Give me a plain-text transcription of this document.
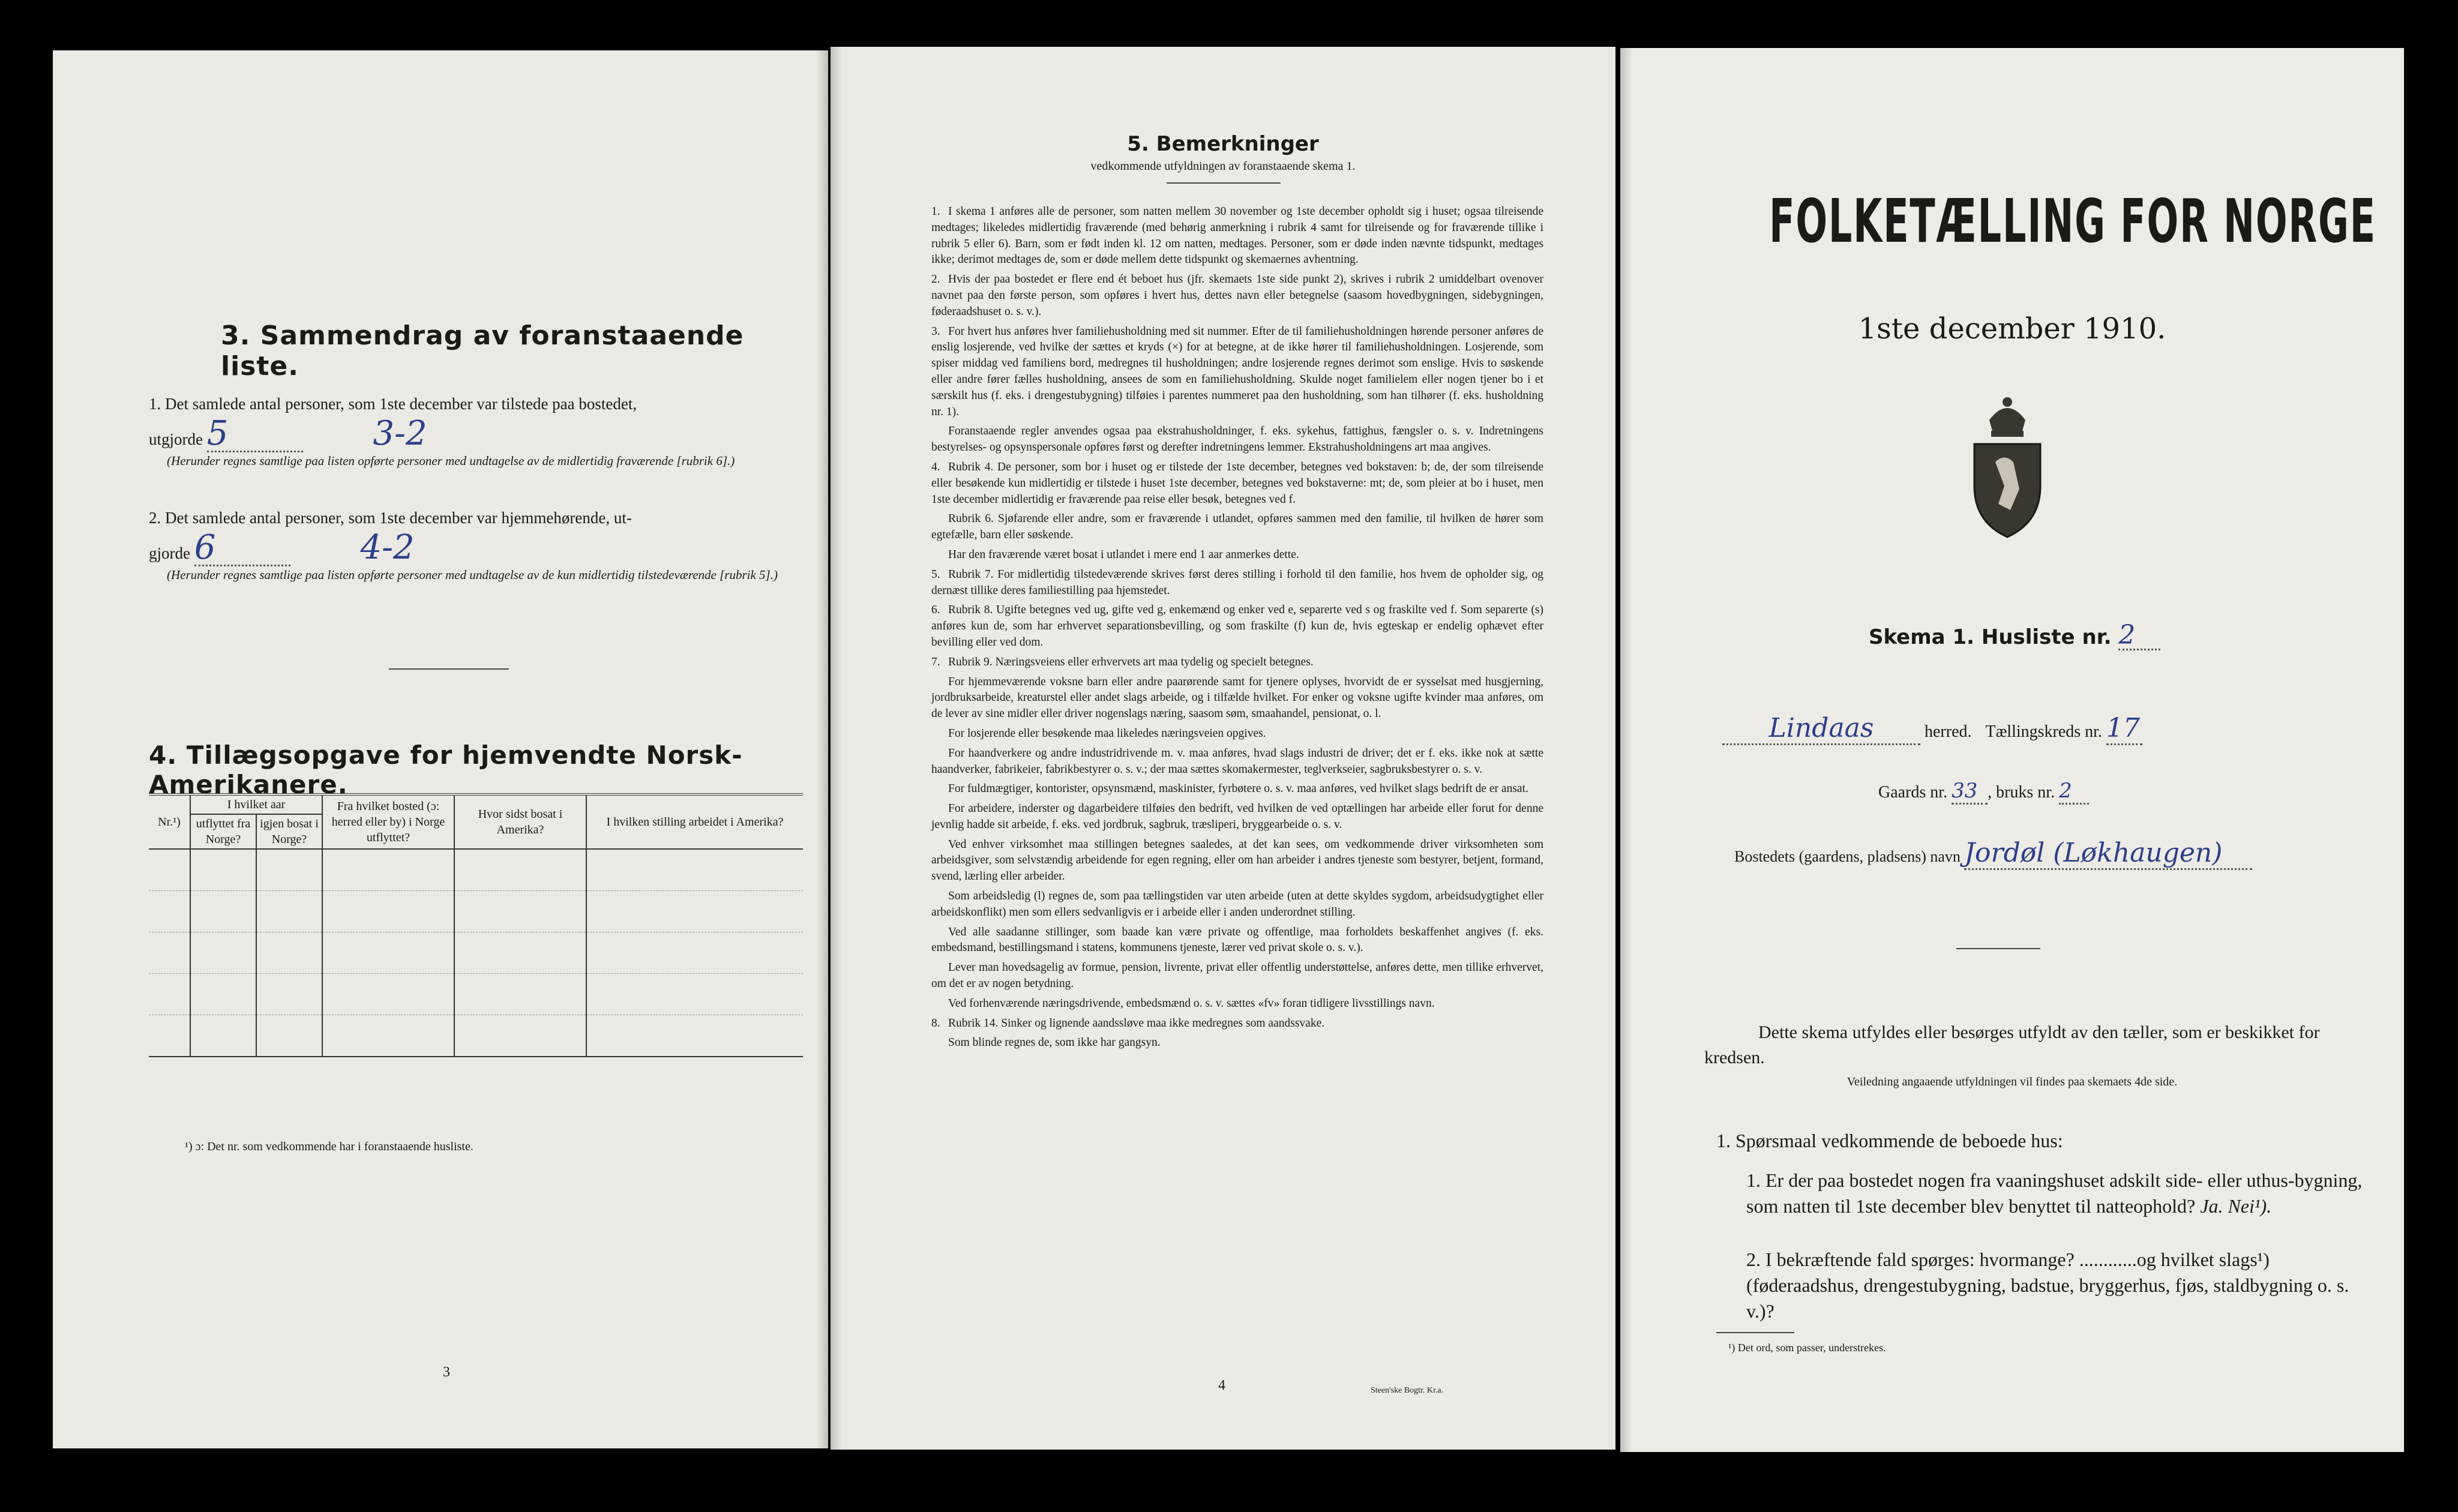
3. Sammendrag av foranstaaende liste.
1. Det samlede antal personer, som 1ste december var tilstede paa bostedet,
utgjorde 5	3-2
(Herunder regnes samtlige paa listen opførte personer med undtagelse av de midlertidig fraværende [rubrik 6].)
2. Det samlede antal personer, som 1ste december var hjemmehørende, ut-
gjorde 6	4-2
(Herunder regnes samtlige paa listen opførte personer med undtagelse av de kun midlertidig tilstedeværende [rubrik 5].)
4. Tillægsopgave for hjemvendte Norsk-Amerikanere.
Nr.¹)	I hvilket aar		Fra hvilket bosted (ɔ: herred eller by) i Norge utflyttet?	Hvor sidst bosat i Amerika?	I hvilken stilling arbeidet i Amerika?
	utflyttet fra Norge?	igjen bosat i Norge?			

¹) ɔ: Det nr. som vedkommende har i foranstaaende husliste.
3
5. Bemerkninger
vedkommende utfyldningen av foranstaaende skema 1.

1. I skema 1 anføres alle de personer, som natten mellem 30 november og 1ste december opholdt sig i huset; ogsaa tilreisende medtages; likeledes midlertidig fraværende (med behørig anmerkning i rubrik 4 samt for tilreisende og for fraværende tillike i rubrik 5 eller 6). Barn, som er født inden kl. 12 om natten, medtages. Personer, som er døde inden nævnte tidspunkt, medtages ikke; derimot medtages de, som er døde mellem dette tidspunkt og skemaernes avhentning.

2. Hvis der paa bostedet er flere end ét beboet hus (jfr. skemaets 1ste side punkt 2), skrives i rubrik 2 umiddelbart ovenover navnet paa den første person, som opføres i hvert hus, dettes navn eller betegnelse (saasom hovedbygningen, sidebygningen, føderaadshuset o. s. v.).

3. For hvert hus anføres hver familiehusholdning med sit nummer. Efter de til familiehusholdningen hørende personer anføres de enslig losjerende, ved hvilke der sættes et kryds (×) for at betegne, at de ikke hører til familiehusholdningen. Losjerende, som spiser middag ved familiens bord, medregnes til husholdningen; andre losjerende regnes derimot som enslige. Hvis to søskende eller andre fører fælles husholdning, ansees de som en familiehusholdning. Skulde noget familielem eller nogen tjener bo i et særskilt hus (f. eks. i drengestubygning) tilføies i parentes nummeret paa den husholdning, som han tilhører (f. eks. husholdning nr. 1).

Foranstaaende regler anvendes ogsaa paa ekstrahusholdninger, f. eks. sykehus, fattighus, fængsler o. s. v. Indretningens bestyrelses- og opsynspersonale opføres først og derefter indretningens lemmer. Ekstrahusholdningens art maa angives.

4. Rubrik 4. De personer, som bor i huset og er tilstede der 1ste december, betegnes ved bokstaven: b; de, der som tilreisende eller besøkende kun midlertidig er tilstede i huset 1ste december, betegnes ved bokstaverne: mt; de, som pleier at bo i huset, men 1ste december midlertidig er fraværende paa reise eller besøk, betegnes ved f.

Rubrik 6. Sjøfarende eller andre, som er fraværende i utlandet, opføres sammen med den familie, til hvilken de hører som egtefælle, barn eller søskende.

Har den fraværende været bosat i utlandet i mere end 1 aar anmerkes dette.

5. Rubrik 7. For midlertidig tilstedeværende skrives først deres stilling i forhold til den familie, hos hvem de opholder sig, og dernæst tillike deres familiestilling paa hjemstedet.

6. Rubrik 8. Ugifte betegnes ved ug, gifte ved g, enkemænd og enker ved e, separerte ved s og fraskilte ved f. Som separerte (s) anføres kun de, som har erhvervet separationsbevilling, og som fraskilte (f) kun de, hvis egteskap er endelig ophævet efter bevilling eller ved dom.

7. Rubrik 9. Næringsveiens eller erhvervets art maa tydelig og specielt betegnes.

For hjemmeværende voksne barn eller andre paarørende samt for tjenere oplyses, hvorvidt de er sysselsat med husgjerning, jordbruksarbeide, kreaturstel eller andet slags arbeide, og i tilfælde hvilket. For enker og voksne ugifte kvinder maa anføres, om de lever av sine midler eller driver nogenslags næring, saasom søm, smaahandel, pensionat, o. l.

For losjerende eller besøkende maa likeledes næringsveien opgives.

For haandverkere og andre industridrivende m. v. maa anføres, hvad slags industri de driver; det er f. eks. ikke nok at sætte haandverker, fabrikeier, fabrikbestyrer o. s. v.; der maa sættes skomakermester, teglverkseier, sagbruksbestyrer o. s. v.

For fuldmægtiger, kontorister, opsynsmænd, maskinister, fyrbøtere o. s. v. maa anføres, ved hvilket slags bedrift de er ansat.

For arbeidere, inderster og dagarbeidere tilføies den bedrift, ved hvilken de ved optællingen har arbeide eller forut for denne jevnlig hadde sit arbeide, f. eks. ved jordbruk, sagbruk, træsliperi, bryggearbeide o. s. v.

Ved enhver virksomhet maa stillingen betegnes saaledes, at det kan sees, om vedkommende driver virksomheten som arbeidsgiver, som selvstændig arbeidende for egen regning, eller om han arbeider i andres tjeneste som bestyrer, betjent, formand, svend, lærling eller arbeider.

Som arbeidsledig (l) regnes de, som paa tællingstiden var uten arbeide (uten at dette skyldes sygdom, arbeidsudygtighet eller arbeidskonflikt) men som ellers sedvanligvis er i arbeide eller i anden underordnet stilling.

Ved alle saadanne stillinger, som baade kan være private og offentlige, maa forholdets beskaffenhet angives (f. eks. embedsmand, bestillingsmand i statens, kommunens tjeneste, lærer ved privat skole o. s. v.).

Lever man hovedsagelig av formue, pension, livrente, privat eller offentlig understøttelse, anføres dette, men tillike erhvervet, om det er av nogen betydning.

Ved forhenværende næringsdrivende, embedsmænd o. s. v. sættes «fv» foran tidligere livsstillings navn.

8. Rubrik 14. Sinker og lignende aandssløve maa ikke medregnes som aandssvake.

Som blinde regnes de, som ikke har gangsyn.

4	Steen'ske Bogtr. Kr.a.
FOLKETÆLLING FOR NORGE
1ste december 1910.
Skema 1. Husliste nr. 2
Lindaas	herred. Tællingskreds nr. 17
Gaards nr. 33 , bruks nr. 2
Bostedets (gaardens, pladsens) navn Jordøl (Løkhaugen)
Dette skema utfyldes eller besørges utfyldt av den tæller, som er beskikket for kredsen.
Veiledning angaaende utfyldningen vil findes paa skemaets 4de side.
1. Spørsmaal vedkommende de beboede hus:
1. Er der paa bostedet nogen fra vaaningshuset adskilt side- eller uthus-bygning, som natten til 1ste december blev benyttet til natteophold? Ja. Nei¹).
2. I bekræftende fald spørges: hvormange? ............og hvilket slags¹) (føderaadshus, drengestubygning, badstue, bryggerhus, fjøs, staldbygning o. s. v.)?
¹) Det ord, som passer, understrekes.
